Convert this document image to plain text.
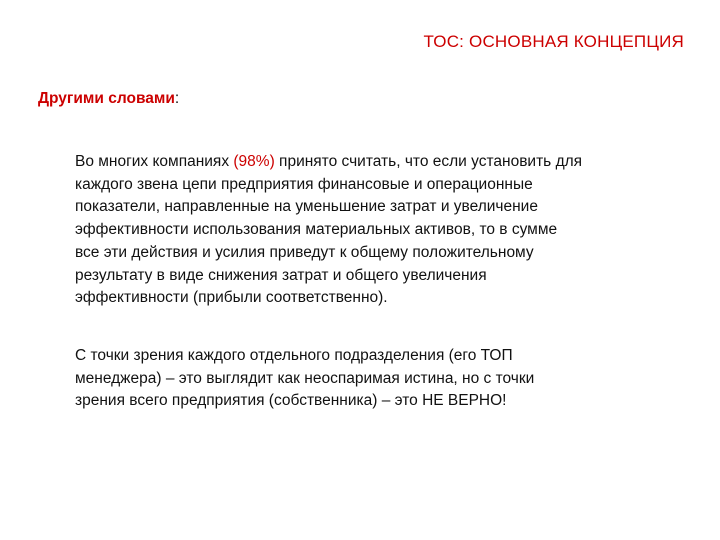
ТОС: ОСНОВНАЯ КОНЦЕПЦИЯ
Другими словами:
Во многих компаниях (98%) принято считать, что если установить для
каждого звена цепи предприятия финансовые и операционные
показатели, направленные на уменьшение затрат и увеличение
эффективности использования материальных активов, то в сумме
все эти действия и усилия приведут к общему положительному
результату в виде снижения затрат и общего увеличения
эффективности (прибыли соответственно).
С точки зрения каждого отдельного подразделения (его ТОП
менеджера) – это выглядит как неоспаримая истина, но с точки
зрения всего предприятия (собственника) – это НЕ ВЕРНО!
